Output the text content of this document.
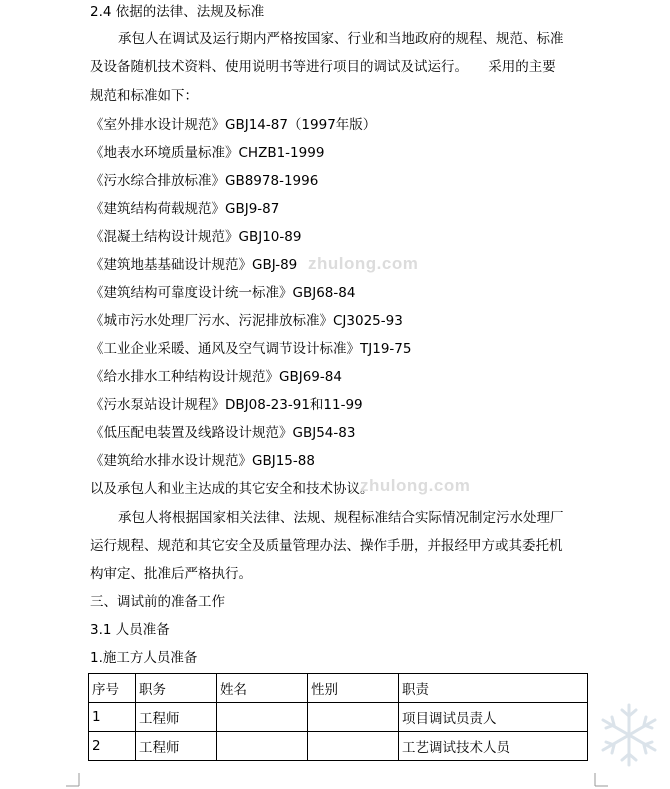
2.4 依据的法律、法规及标准
承包人在调试及运行期内严格按国家、行业和当地政府的规程、规范、标准
及设备随机技术资料、使用说明书等进行项目的调试及试运行。　　采用的主要
规范和标准如下：
《室外排水设计规范》GBJ14-87（1997年版）
《地表水环境质量标准》CHZB1-1999
《污水综合排放标准》GB8978-1996
《建筑结构荷载规范》GBJ9-87
《混凝土结构设计规范》GBJ10-89
《建筑地基基础设计规范》GBJ-89
《建筑结构可靠度设计统一标准》GBJ68-84
《城市污水处理厂污水、污泥排放标准》CJ3025-93
《工业企业采暖、通风及空气调节设计标准》TJ19-75
《给水排水工种结构设计规范》GBJ69-84
《污水泵站设计规程》DBJ08-23-91和11-99
《低压配电装置及线路设计规范》GBJ54-83
《建筑给水排水设计规范》GBJ15-88
以及承包人和业主达成的其它安全和技术协议。
承包人将根据国家相关法律、法规、规程标准结合实际情况制定污水处理厂
运行规程、规范和其它安全及质量管理办法、操作手册，并报经甲方或其委托机
构审定、批准后严格执行。
三、调试前的准备工作
3.1 人员准备
1.施工方人员准备
zhulong.com
zhulong.com
序号	职务	姓名	性别	职责
1	工程师			项目调试员责人
2	工程师			工艺调试技术人员
